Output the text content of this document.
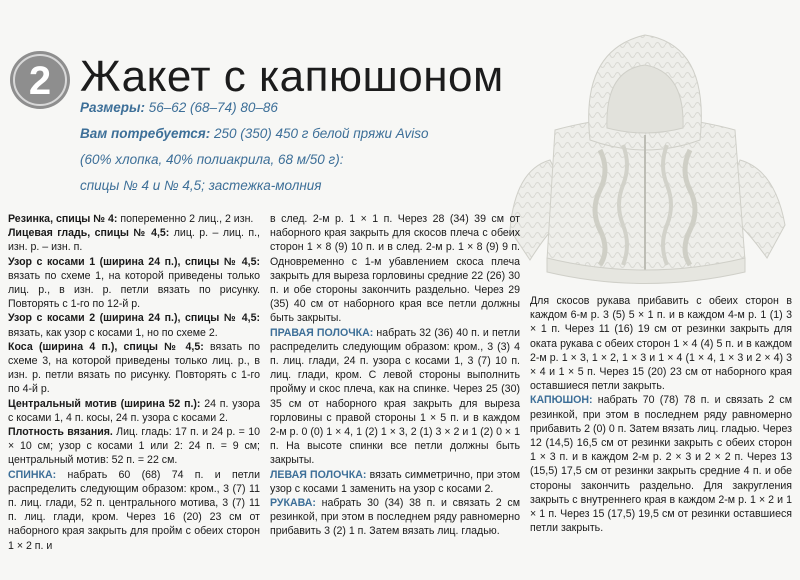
2 Жакет с капюшоном
Размеры: 56–62 (68–74) 80–86
Вам потребуется: 250 (350) 450 г белой пряжи Aviso
(60% хлопка, 40% полиакрила, 68 м/50 г):
спицы № 4 и № 4,5; застежка-молния

Резинка, спицы № 4: попеременно 2 лиц., 2 изн.

Лицевая гладь, спицы № 4,5: лиц. р. – лиц. п., изн. р. – изн. п.

Узор с косами 1 (ширина 24 п.), спицы № 4,5: вязать по схеме 1, на которой приведены только лиц. р., в изн. р. петли вязать по рисунку. Повторять с 1-го по 12-й р.

Узор с косами 2 (ширина 24 п.), спицы № 4,5: вязать, как узор с косами 1, но по схеме 2.

Коса (ширина 4 п.), спицы № 4,5: вязать по схеме 3, на которой приведены только лиц. р., в изн. р. петли вязать по рисунку. Повторять с 1-го по 4-й р.

Центральный мотив (ширина 52 п.): 24 п. узора с косами 1, 4 п. косы, 24 п. узора с косами 2.

Плотность вязания. Лиц. гладь: 17 п. и 24 р. = 10 × 10 см; узор с косами 1 или 2: 24 п. = 9 см; центральный мотив: 52 п. = 22 см.

СПИНКА: набрать 60 (68) 74 п. и петли распределить следующим образом: кром., 3 (7) 11 п. лиц. глади, 52 п. центрального мотива, 3 (7) 11 п. лиц. глади, кром. Через 16 (20) 23 см от наборного края закрыть для пройм с обеих сторон 1 × 2 п. и

в след. 2-м р. 1 × 1 п. Через 28 (34) 39 см от наборного края закрыть для скосов плеча с обеих сторон 1 × 8 (9) 10 п. и в след. 2-м р. 1 × 8 (9) 9 п. Одновременно с 1-м убавлением скоса плеча закрыть для выреза горловины средние 22 (26) 30 п. и обе стороны закончить раздельно. Через 29 (35) 40 см от наборного края все петли должны быть закрыты.

ПРАВАЯ ПОЛОЧКА: набрать 32 (36) 40 п. и петли распределить следующим образом: кром., 3 (3) 4 п. лиц. глади, 24 п. узора с косами 1, 3 (7) 10 п. лиц. глади, кром. С левой стороны выполнить пройму и скос плеча, как на спинке. Через 25 (30) 35 см от наборного края закрыть для выреза горловины с правой стороны 1 × 5 п. и в каждом 2-м р. 0 (0) 1 × 4, 1 (2) 1 × 3, 2 (1) 3 × 2 и 1 (2) 0 × 1 п. На высоте спинки все петли должны быть закрыты.

ЛЕВАЯ ПОЛОЧКА: вязать симметрично, при этом узор с косами 1 заменить на узор с косами 2.

РУКАВА: набрать 30 (34) 38 п. и связать 2 см резинкой, при этом в последнем ряду равномерно прибавить 3 (2) 1 п. Затем вязать лиц. гладью.

Для скосов рукава прибавить с обеих сторон в каждом 6-м р. 3 (5) 5 × 1 п. и в каждом 4-м р. 1 (1) 3 × 1 п. Через 11 (16) 19 см от резинки закрыть для оката рукава с обеих сторон 1 × 4 (4) 5 п. и в каждом 2-м р. 1 × 3, 1 × 2, 1 × 3 и 1 × 4 (1 × 4, 1 × 3 и 2 × 4) 3 × 4 и 1 × 5 п. Через 15 (20) 23 см от наборного края оставшиеся петли закрыть.

КАПЮШОН: набрать 70 (78) 78 п. и связать 2 см резинкой, при этом в последнем ряду равномерно прибавить 2 (0) 0 п. Затем вязать лиц. гладью. Через 12 (14,5) 16,5 см от резинки закрыть с обеих сторон 1 × 3 п. и в каждом 2-м р. 2 × 3 и 2 × 2 п. Через 13 (15,5) 17,5 см от резинки закрыть средние 4 п. и обе стороны закончить раздельно. Для закругления закрыть с внутреннего края в каждом 2-м р. 1 × 2 и 1 × 1 п. Через 15 (17,5) 19,5 см от резинки оставшиеся петли закрыть.
